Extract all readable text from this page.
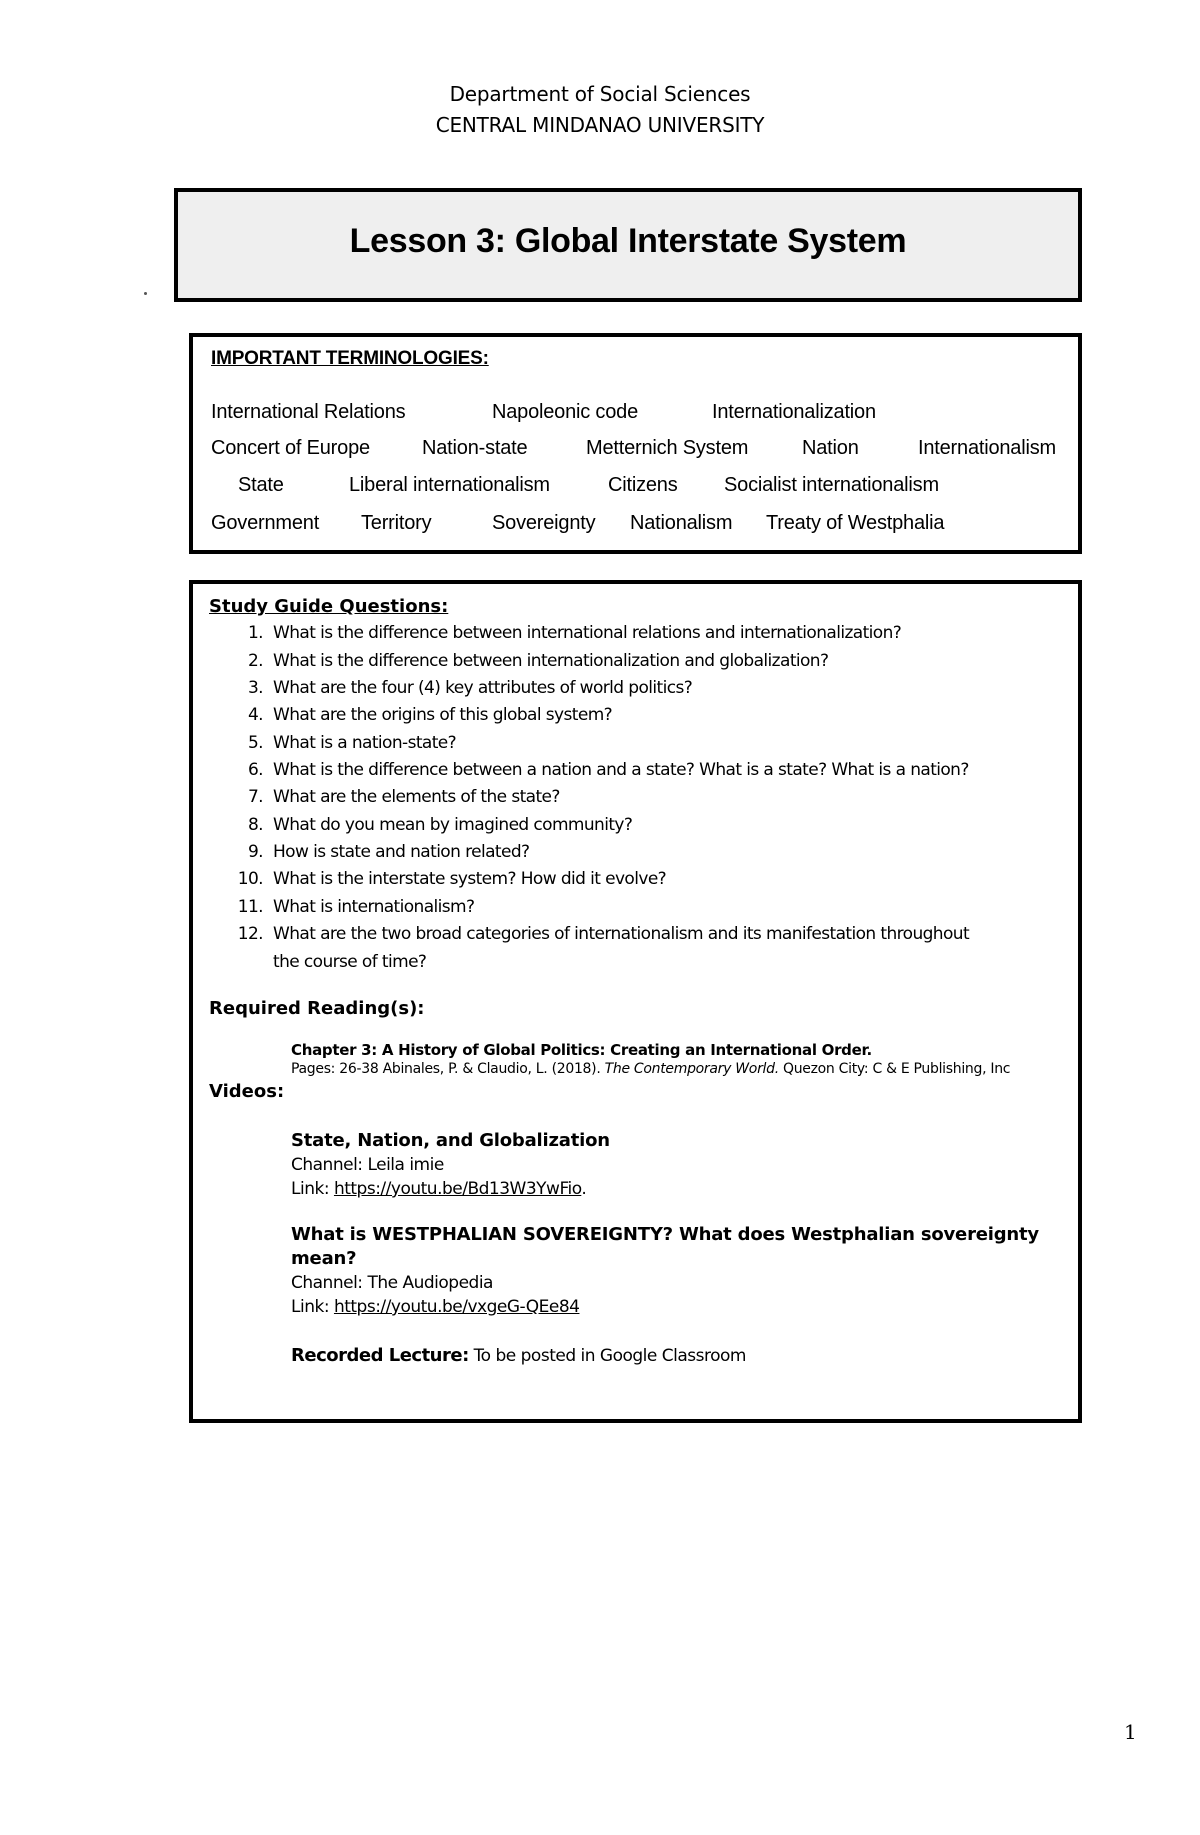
Department of Social Sciences
CENTRAL MINDANAO UNIVERSITY
Lesson 3: Global Interstate System
IMPORTANT TERMINOLOGIES:
International Relations	Napoleonic code	Internationalization
Concert of Europe	Nation-state	Metternich System	Nation	Internationalism
State	Liberal internationalism	Citizens Socialist internationalism
Government Territory	Sovereignty Nationalism Treaty of Westphalia
Study Guide Questions:
1. What is the difference between international relations and internationalization?
2. What is the difference between internationalization and globalization?
3. What are the four (4) key attributes of world politics?
4. What are the origins of this global system?
5. What is a nation-state?
6. What is the difference between a nation and a state? What is a state? What is a nation?
7. What are the elements of the state?
8. What do you mean by imagined community?
9. How is state and nation related?
10. What is the interstate system? How did it evolve?
11. What is internationalism?
12. What are the two broad categories of internationalism and its manifestation throughout
the course of time?
Required Reading(s):
Chapter 3: A History of Global Politics: Creating an International Order.
Pages: 26-38 Abinales, P. & Claudio, L. (2018). The Contemporary World. Quezon City: C & E Publishing, Inc
Videos:
State, Nation, and Globalization
Channel: Leila imie
Link: https://youtu.be/Bd13W3YwFio.
What is WESTPHALIAN SOVEREIGNTY? What does Westphalian sovereignty
mean?
Channel: The Audiopedia
Link: https://youtu.be/vxgeG-QEe84
Recorded Lecture: To be posted in Google Classroom
1
